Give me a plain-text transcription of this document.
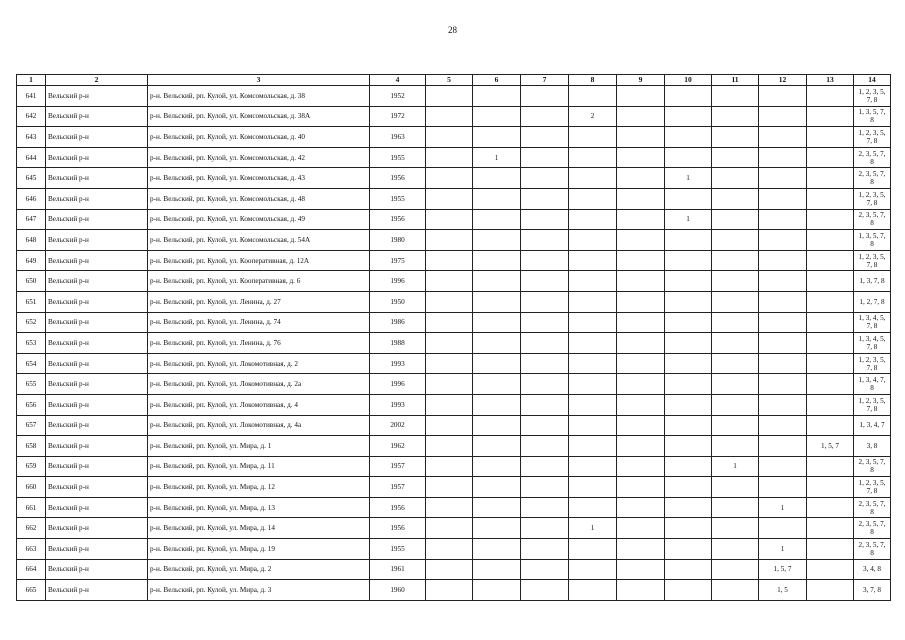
28
1	2	3	4	5	6	7	8	9	10	11	12	13	14
641	Вельский р-н	р-н. Вельский, рп. Кулой, ул. Комсомольская, д. 38	1952										1, 2, 3, 5, 7, 8
642	Вельский р-н	р-н. Вельский, рп. Кулой, ул. Комсомольская, д. 38А	1972				2						1, 3, 5, 7, 8
643	Вельский р-н	р-н. Вельский, рп. Кулой, ул. Комсомольская, д. 40	1963										1, 2, 3, 5, 7, 8
644	Вельский р-н	р-н. Вельский, рп. Кулой, ул. Комсомольская, д. 42	1955		1								2, 3, 5, 7, 8
645	Вельский р-н	р-н. Вельский, рп. Кулой, ул. Комсомольская, д. 43	1956						1				2, 3, 5, 7, 8
646	Вельский р-н	р-н. Вельский, рп. Кулой, ул. Комсомольская, д. 48	1955										1, 2, 3, 5, 7, 8
647	Вельский р-н	р-н. Вельский, рп. Кулой, ул. Комсомольская, д. 49	1956						1				2, 3, 5, 7, 8
648	Вельский р-н	р-н. Вельский, рп. Кулой, ул. Комсомольская, д. 54А	1980										1, 3, 5, 7, 8
649	Вельский р-н	р-н. Вельский, рп. Кулой, ул. Кооперативная, д. 12А	1975										1, 2, 3, 5, 7, 8
650	Вельский р-н	р-н. Вельский, рп. Кулой, ул. Кооперативная, д. 6	1996										1, 3, 7, 8
651	Вельский р-н	р-н. Вельский, рп. Кулой, ул. Ленина, д. 27	1950										1, 2, 7, 8
652	Вельский р-н	р-н. Вельский, рп. Кулой, ул. Ленина, д. 74	1986										1, 3, 4, 5, 7, 8
653	Вельский р-н	р-н. Вельский, рп. Кулой, ул. Ленина, д. 76	1988										1, 3, 4, 5, 7, 8
654	Вельский р-н	р-н. Вельский, рп. Кулой, ул. Локомотивная, д. 2	1993										1, 2, 3, 5, 7, 8
655	Вельский р-н	р-н. Вельский, рп. Кулой, ул. Локомотивная, д. 2а	1996										1, 3, 4, 7, 8
656	Вельский р-н	р-н. Вельский, рп. Кулой, ул. Локомотивная, д. 4	1993										1, 2, 3, 5, 7, 8
657	Вельский р-н	р-н. Вельский, рп. Кулой, ул. Локомотивная, д. 4а	2002										1, 3, 4, 7
658	Вельский р-н	р-н. Вельский, рп. Кулой, ул. Мира, д. 1	1962									1, 5, 7	3, 8
659	Вельский р-н	р-н. Вельский, рп. Кулой, ул. Мира, д. 11	1957							1			2, 3, 5, 7, 8
660	Вельский р-н	р-н. Вельский, рп. Кулой, ул. Мира, д. 12	1957										1, 2, 3, 5, 7, 8
661	Вельский р-н	р-н. Вельский, рп. Кулой, ул. Мира, д. 13	1956								1		2, 3, 5, 7, 8
662	Вельский р-н	р-н. Вельский, рп. Кулой, ул. Мира, д. 14	1956				1						2, 3, 5, 7, 8
663	Вельский р-н	р-н. Вельский, рп. Кулой, ул. Мира, д. 19	1955								1		2, 3, 5, 7, 8
664	Вельский р-н	р-н. Вельский, рп. Кулой, ул. Мира, д. 2	1961								1, 5, 7		3, 4, 8
665	Вельский р-н	р-н. Вельский, рп. Кулой, ул. Мира, д. 3	1960								1, 5		3, 7, 8
